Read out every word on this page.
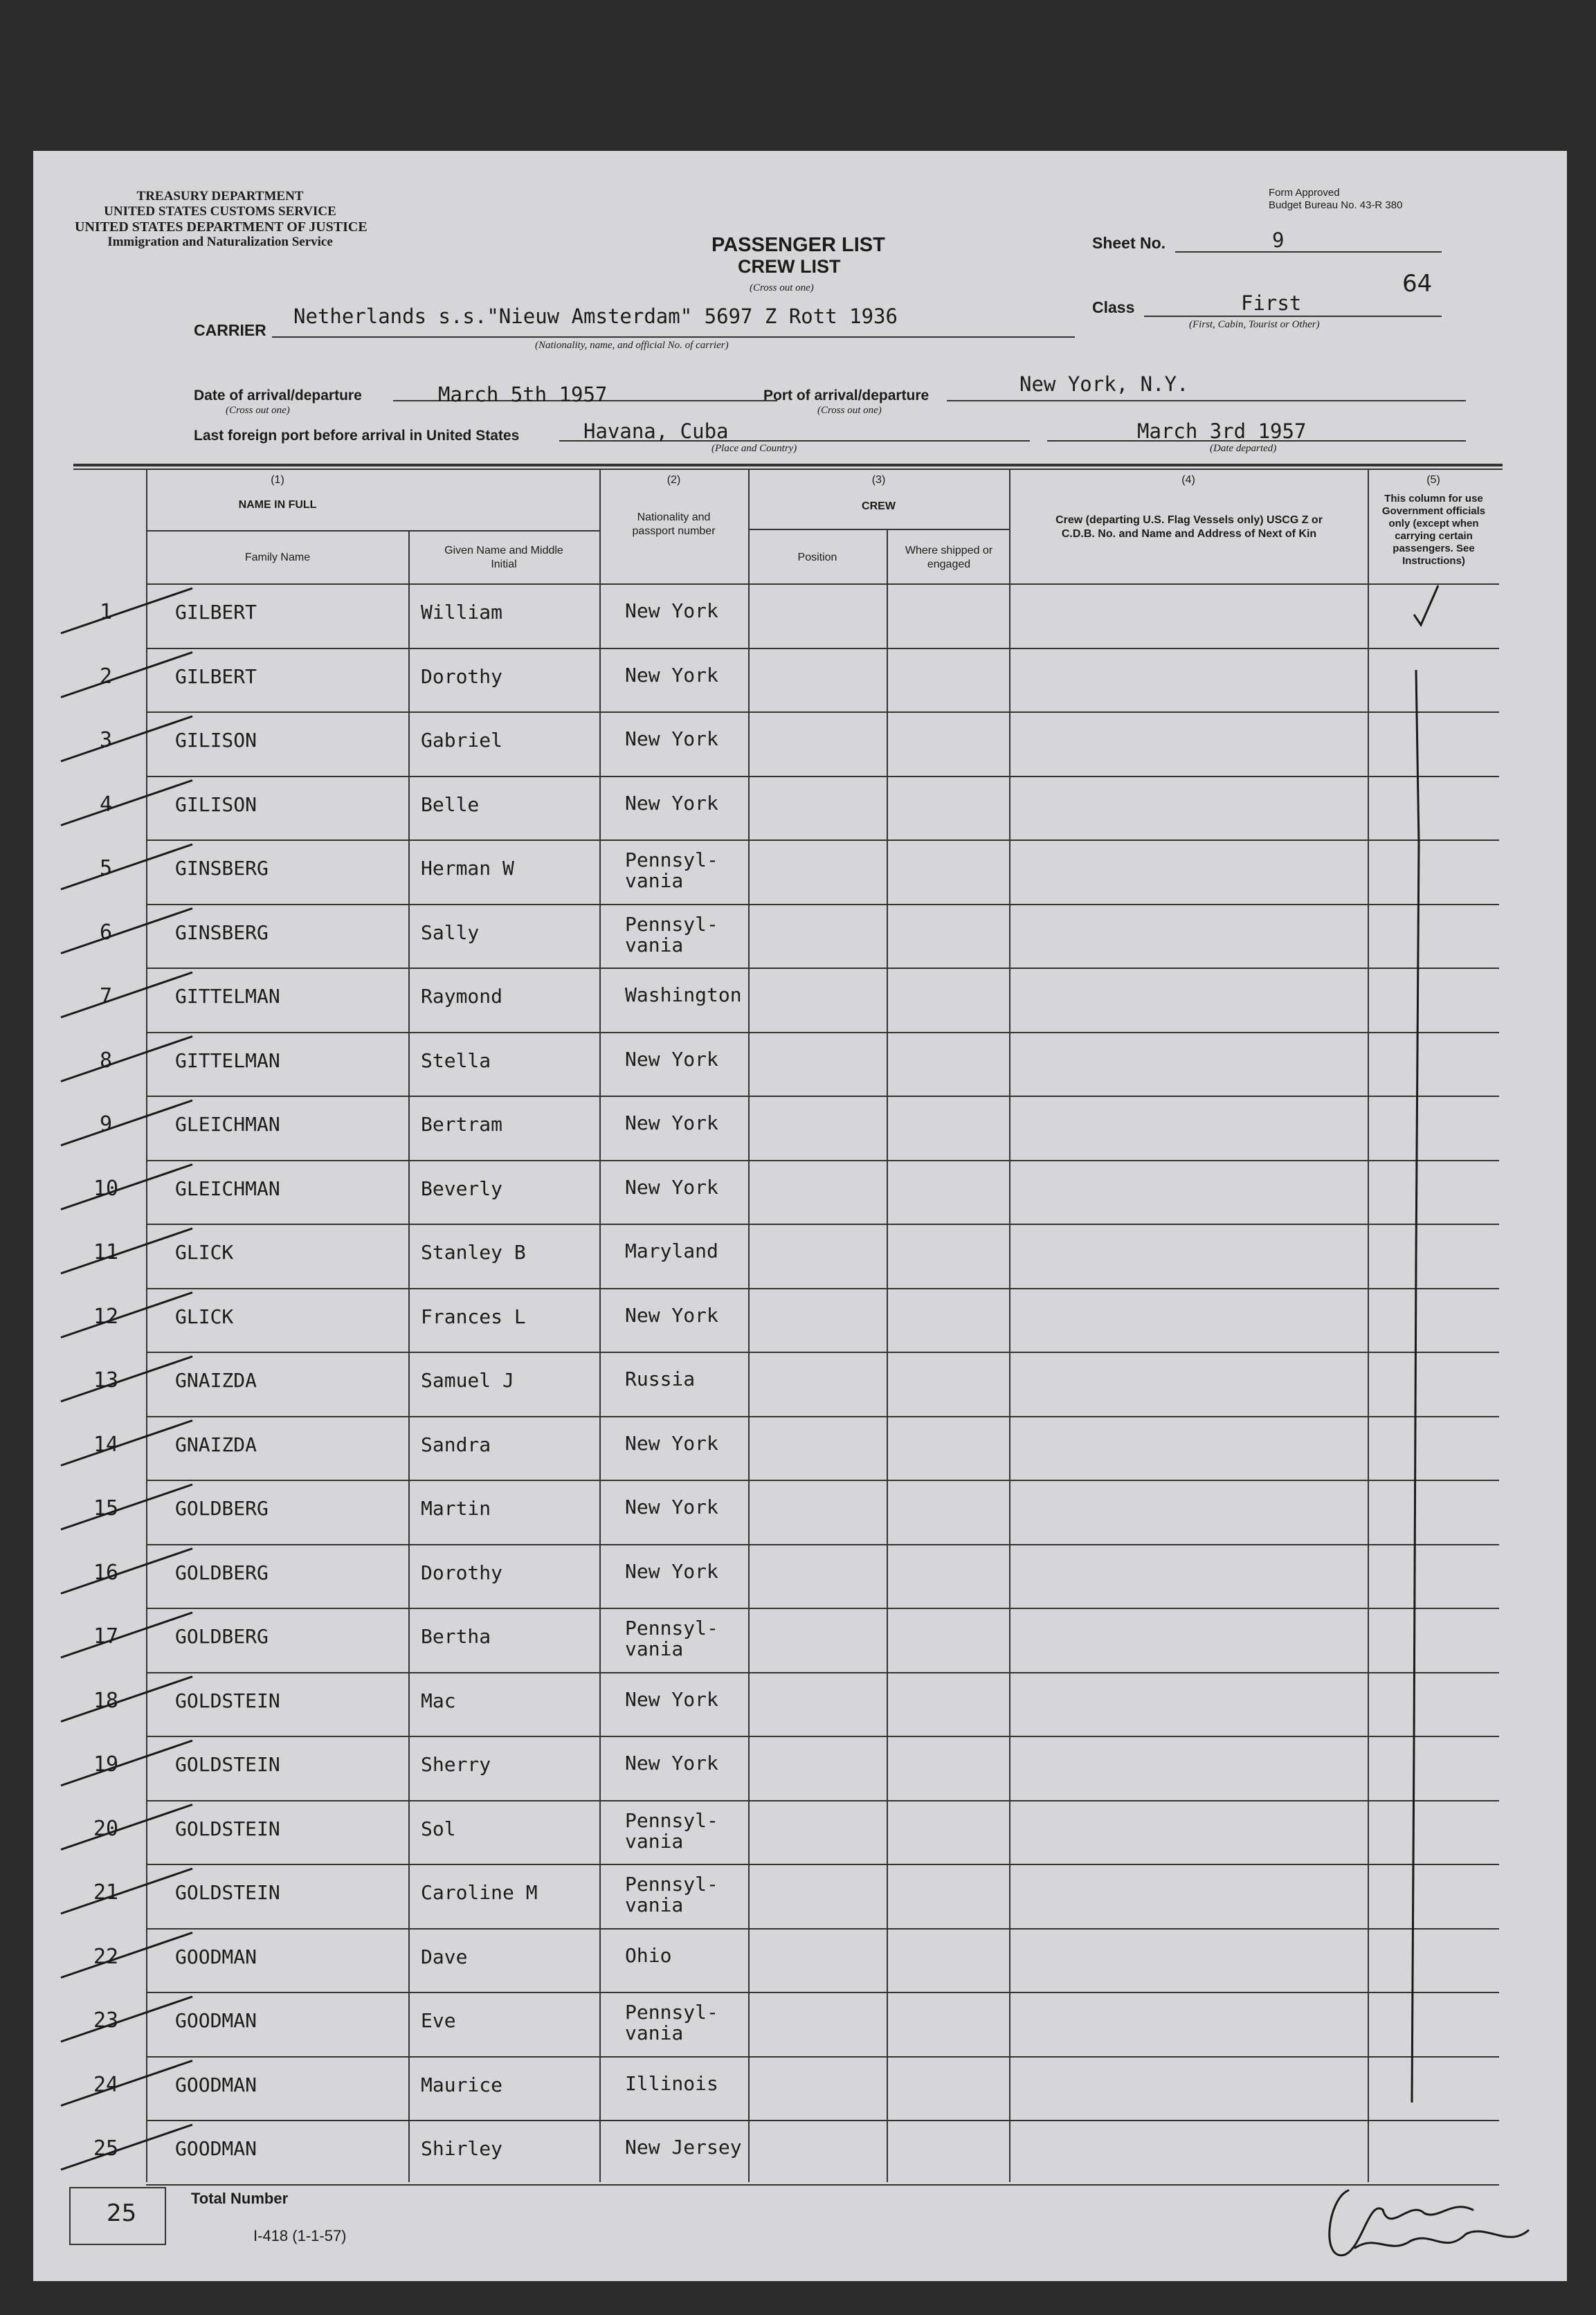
TREASURY DEPARTMENT
UNITED STATES CUSTOMS SERVICE
UNITED STATES DEPARTMENT OF JUSTICE
Immigration and Naturalization Service
Form Approved
Budget Bureau No. 43-R 380
PASSENGER LIST
CREW LIST
(Cross out one)
Sheet No.	9
Class	First
(First, Cabin, Tourist or Other)
64
CARRIER
Netherlands s.s."Nieuw Amsterdam" 5697 Z Rott 1936
(Nationality, name, and official No. of carrier)
Date of arrival/departure
(Cross out one)
March 5th 1957	Port of arrival/departure
(Cross out one)
New York, N.Y.
Last foreign port before arrival in United States	Havana, Cuba
(Place and Country)
March 3rd 1957
(Date departed)
(1)
NAME IN FULL
Family Name
Given Name and Middle Initial
(2)
Nationality and passport number
(3)
CREW
Position
Where shipped or engaged
(4)
Crew (departing U.S. Flag Vessels only) USCG Z or C.D.B. No. and Name and Address of Next of Kin
(5)
This column for use Government officials only (except when carrying certain passengers. See Instructions)
1	GILBERT	William	New York
2	GILBERT	Dorothy	New York
3	GILISON	Gabriel	New York
4	GILISON	Belle	New York
5	GINSBERG	Herman W	Pennsyl-
vania
6	GINSBERG	Sally	Pennsyl-
vania
7	GITTELMAN	Raymond	Washington
8	GITTELMAN	Stella	New York
9	GLEICHMAN	Bertram	New York
10	GLEICHMAN	Beverly	New York
11	GLICK	Stanley B	Maryland
12	GLICK	Frances L	New York
13	GNAIZDA	Samuel J	Russia
14	GNAIZDA	Sandra	New York
15	GOLDBERG	Martin	New York
16	GOLDBERG	Dorothy	New York
17	GOLDBERG	Bertha	Pennsyl-
vania
18	GOLDSTEIN	Mac	New York
19	GOLDSTEIN	Sherry	New York
20	GOLDSTEIN	Sol	Pennsyl-
vania
21	GOLDSTEIN	Caroline M	Pennsyl-
vania
22	GOODMAN	Dave	Ohio
23	GOODMAN	Eve	Pennsyl-
vania
24	GOODMAN	Maurice	Illinois
25	GOODMAN	Shirley	New Jersey
25
Total Number
I-418 (1-1-57)
